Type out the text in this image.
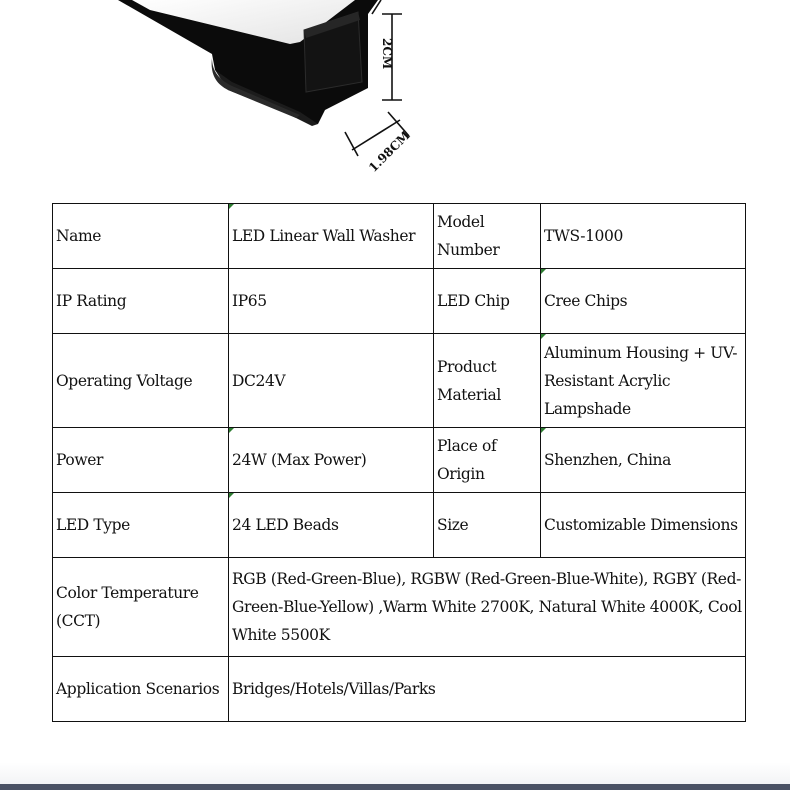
2CM
1.98CM
Name	LED Linear Wall Washer	Model Number	TWS-1000
IP Rating	IP65	LED Chip	Cree Chips
Operating Voltage	DC24V	Product Material	Aluminum Housing + UV-Resistant Acrylic Lampshade
Power	24W (Max Power)	Place of Origin	Shenzhen, China
LED Type	24 LED Beads	Size	Customizable Dimensions
Color Temperature (CCT)	RGB (Red-Green-Blue), RGBW (Red-Green-Blue-White), RGBY (Red-Green-Blue-Yellow) ,Warm White 2700K, Natural White 4000K, Cool White 5500K		
Application Scenarios	Bridges/Hotels/Villas/Parks		
